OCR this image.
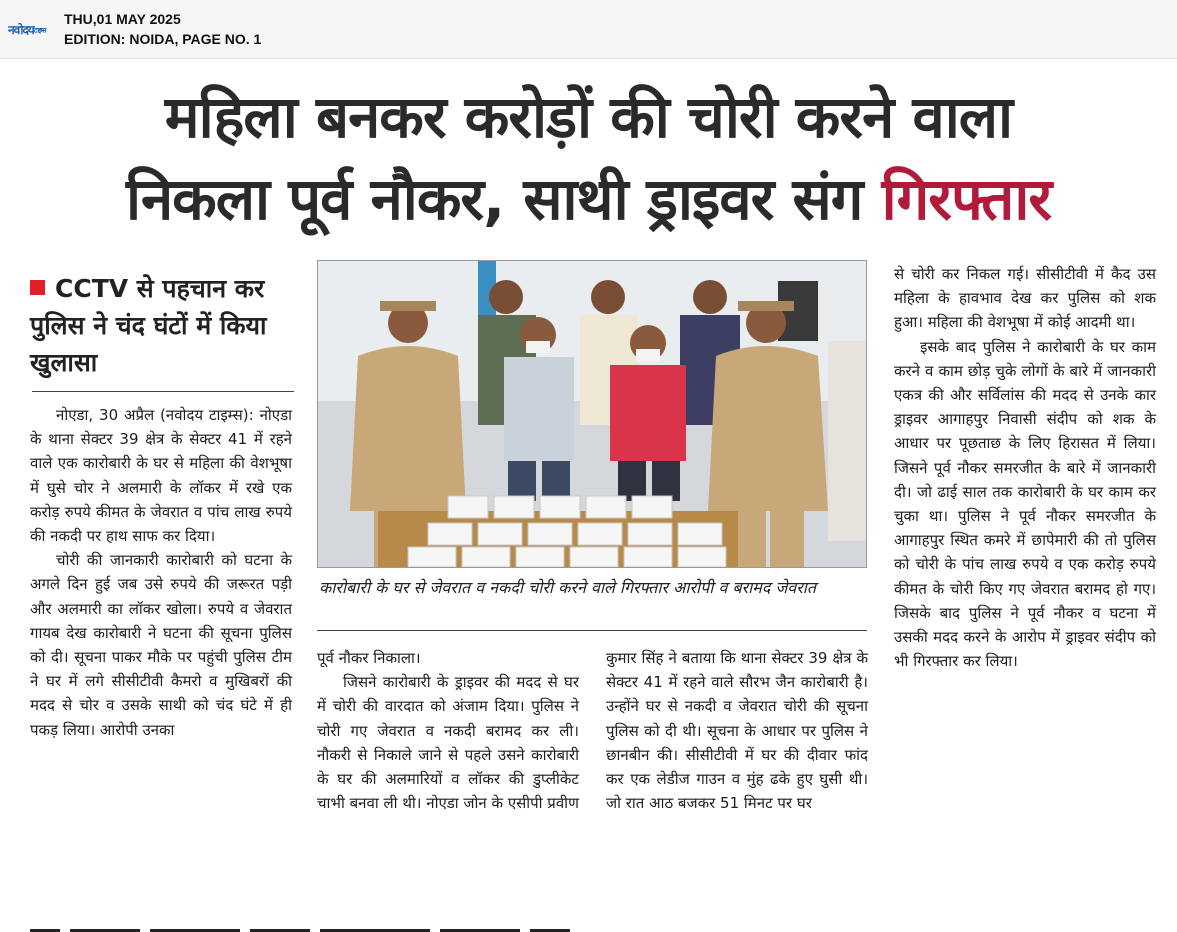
नवोदयटाइम्स
THU,01 MAY 2025
EDITION: NOIDA, PAGE NO. 1
महिला बनकर करोड़ों की चोरी करने वाला
निकला पूर्व नौकर, साथी ड्राइवर संग गिरफ्तार
CCTV से पहचान कर पुलिस ने चंद घंटों में किया खुलासा

नोएडा, 30 अप्रैल (नवोदय टाइम्स): नोएडा के थाना सेक्टर 39 क्षेत्र के सेक्टर 41 में रहने वाले एक कारोबारी के घर से महिला की वेशभूषा में घुसे चोर ने अलमारी के लॉकर में रखे एक करोड़ रुपये कीमत के जेवरात व पांच लाख रुपये की नकदी पर हाथ साफ कर दिया।

चोरी की जानकारी कारोबारी को घटना के अगले दिन हुई जब उसे रुपये की जरूरत पड़ी और अलमारी का लॉकर खोला। रुपये व जेवरात गायब देख कारोबारी ने घटना की सूचना पुलिस को दी। सूचना पाकर मौके पर पहुंची पुलिस टीम ने घर में लगे सीसीटीवी कैमरो व मुखिबरों की मदद से चोर व उसके साथी को चंद घंटे में ही पकड़ लिया। आरोपी उनका

कारोबारी के घर से जेवरात व नकदी चोरी करने वाले गिरफ्तार आरोपी व बरामद जेवरात

पूर्व नौकर निकाला।

जिसने कारोबारी के ड्राइवर की मदद से घर में चोरी की वारदात को अंजाम दिया। पुलिस ने चोरी गए जेवरात व नकदी बरामद कर ली। नौकरी से निकाले जाने से पहले उसने कारोबारी के घर की अलमारियों व लॉकर की डुप्लीकेट चाभी बनवा ली थी। नोएडा जोन के एसीपी प्रवीण

कुमार सिंह ने बताया कि थाना सेक्टर 39 क्षेत्र के सेक्टर 41 में रहने वाले सौरभ जैन कारोबारी है। उन्होंने घर से नकदी व जेवरात चोरी की सूचना पुलिस को दी थी। सूचना के आधार पर पुलिस ने छानबीन की। सीसीटीवी में घर की दीवार फांद कर एक लेडीज गाउन व मुंह ढके हुए घुसी थी। जो रात आठ बजकर 51 मिनट पर घर

से चोरी कर निकल गई। सीसीटीवी में कैद उस महिला के हावभाव देख कर पुलिस को शक हुआ। महिला की वेशभूषा में कोई आदमी था।

इसके बाद पुलिस ने कारोबारी के घर काम करने व काम छोड़ चुके लोगों के बारे में जानकारी एकत्र की और सर्विलांस की मदद से उनके कार ड्राइवर आगाहपुर निवासी संदीप को शक के आधार पर पूछताछ के लिए हिरासत में लिया। जिसने पूर्व नौकर समरजीत के बारे में जानकारी दी। जो ढाई साल तक कारोबारी के घर काम कर चुका था। पुलिस ने पूर्व नौकर समरजीत के आगाहपुर स्थित कमरे में छापेमारी की तो पुलिस को चोरी के पांच लाख रुपये व एक करोड़ रुपये कीमत के चोरी किए गए जेवरात बरामद हो गए। जिसके बाद पुलिस ने पूर्व नौकर व घटना में उसकी मदद करने के आरोप में ड्राइवर संदीप को भी गिरफ्तार कर लिया।
